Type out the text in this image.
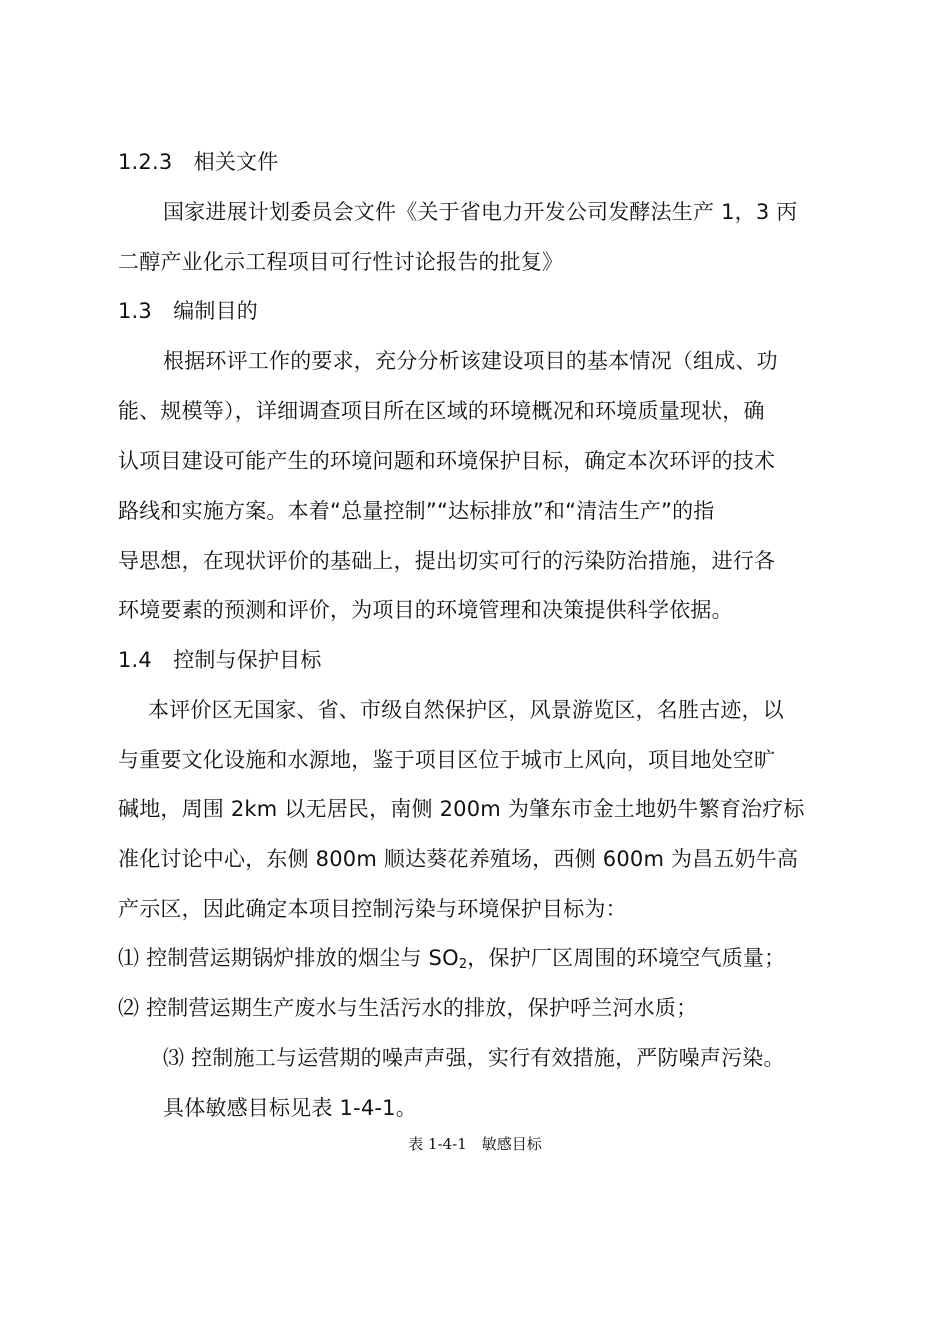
1.2.3　相关文件
国家进展计划委员会文件《关于省电力开发公司发酵法生产 1，3 丙
二醇产业化示工程项目可行性讨论报告的批复》
1.3　编制目的
根据环评工作的要求，充分分析该建设项目的基本情况（组成、功
能、规模等），详细调查项目所在区域的环境概况和环境质量现状，确
认项目建设可能产生的环境问题和环境保护目标，确定本次环评的技术
路线和实施方案。本着“总量控制”“达标排放”和“清洁生产”的指
导思想，在现状评价的基础上，提出切实可行的污染防治措施，进行各
环境要素的预测和评价，为项目的环境管理和决策提供科学依据。
1.4　控制与保护目标
本评价区无国家、省、市级自然保护区，风景游览区，名胜古迹，以
与重要文化设施和水源地，鉴于项目区位于城市上风向，项目地处空旷
碱地，周围 2km 以无居民，南侧 200m 为肇东市金土地奶牛繁育治疗标
准化讨论中心，东侧 800m 顺达葵花养殖场，西侧 600m 为昌五奶牛高
产示区，因此确定本项目控制污染与环境保护目标为：
⑴ 控制营运期锅炉排放的烟尘与 SO2，保护厂区周围的环境空气质量；
⑵ 控制营运期生产废水与生活污水的排放，保护呼兰河水质；
⑶ 控制施工与运营期的噪声声强，实行有效措施，严防噪声污染。
具体敏感目标见表 1-4-1。
表 1-4-1　敏感目标
